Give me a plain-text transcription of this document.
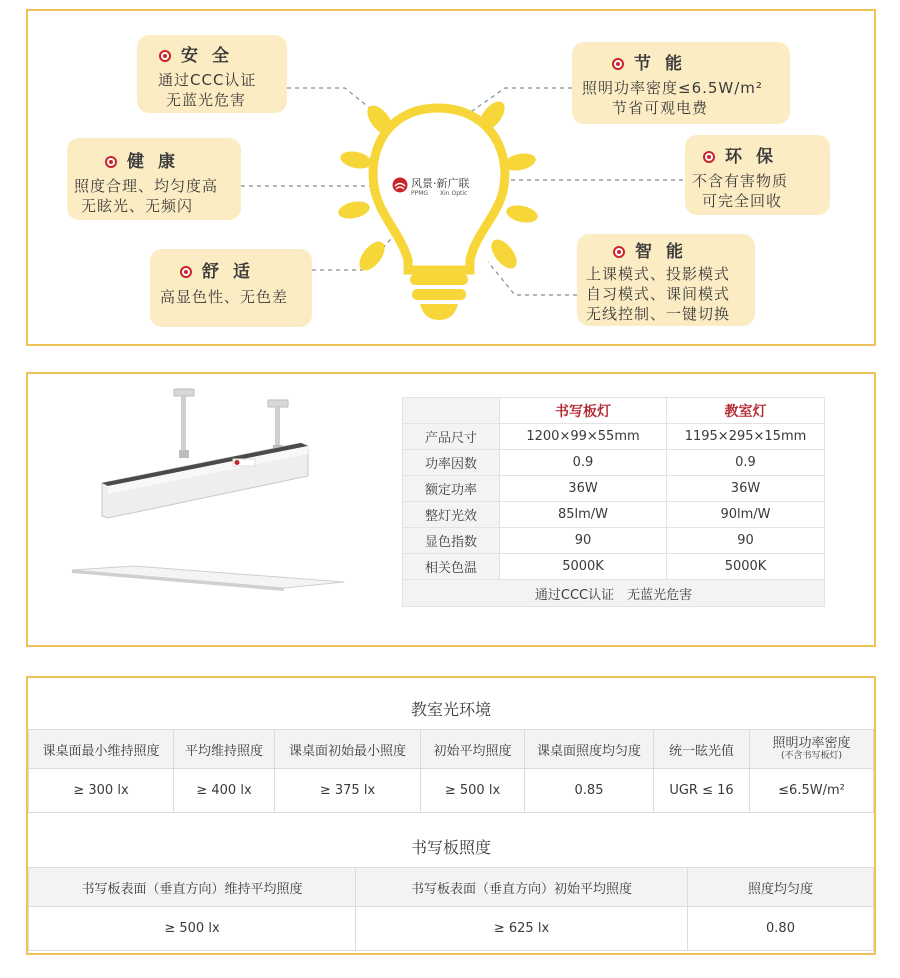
风景·新广联
PPMG Xin Optic
安全
通过CCC认证
无蓝光危害
节能
照明功率密度≤6.5W/m²
节省可观电费
健康
照度合理、均匀度高
无眩光、无频闪
环保
不含有害物质
可完全回收
舒适
高显色性、无色差
智能
上课模式、投影模式
自习模式、课间模式
无线控制、一键切换
	书写板灯	教室灯
产品尺寸	1200×99×55mm	1195×295×15mm
功率因数	0.9	0.9
额定功率	36W	36W
整灯光效	85lm/W	90lm/W
显色指数	90	90
相关色温	5000K	5000K
通过CCC认证　无蓝光危害		
教室光环境
课桌面最小维持照度	平均维持照度	课桌面初始最小照度	初始平均照度	课桌面照度均匀度	统一眩光值	照明功率密度
(不含书写板灯)

≥ 300 lx	≥ 400 lx	≥ 375 lx	≥ 500 lx	0.85	UGR ≤ 16	≤6.5W/m²
书写板照度
书写板表面（垂直方向）维持平均照度	书写板表面（垂直方向）初始平均照度	照度均匀度
≥ 500 lx	≥ 625 lx	0.80
